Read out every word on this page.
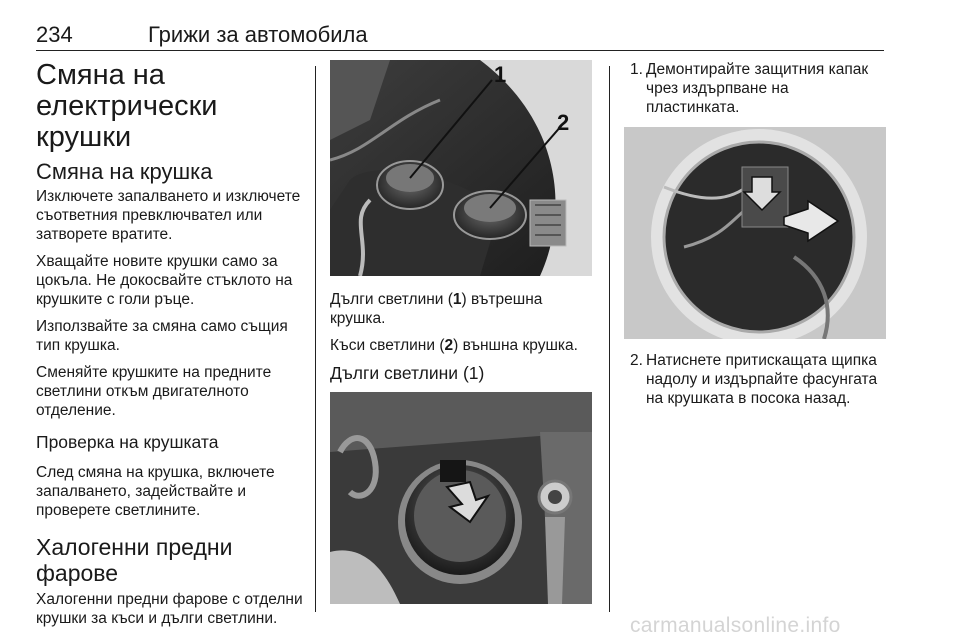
234	Грижи за автомобила
Смяна на електрически крушки
Смяна на крушка

Изключете запалването и изключете съответния превключвател или затворете вратите.

Хващайте новите крушки само за цокъла. Не докосвайте стъклото на крушките с голи ръце.

Използвайте за смяна само същия тип крушка.

Сменяйте крушките на предните светлини откъм двигателното отделение.

Проверка на крушката

След смяна на крушка, включете запалването, задействайте и проверете светлините.

Халогенни предни фарове

Халогенни предни фарове с отделни крушки за къси и дълги светлини.

1
2

Дълги светлини (1) вътрешна крушка.

Къси светлини (2) външна крушка.

Дълги светлини (1)
1. Демонтирайте защитния капак чрез издърпване на пластинката.
2. Натиснете притискащата щипка надолу и издърпайте фасунгата на крушката в посока назад.
carmanualsonline.info
